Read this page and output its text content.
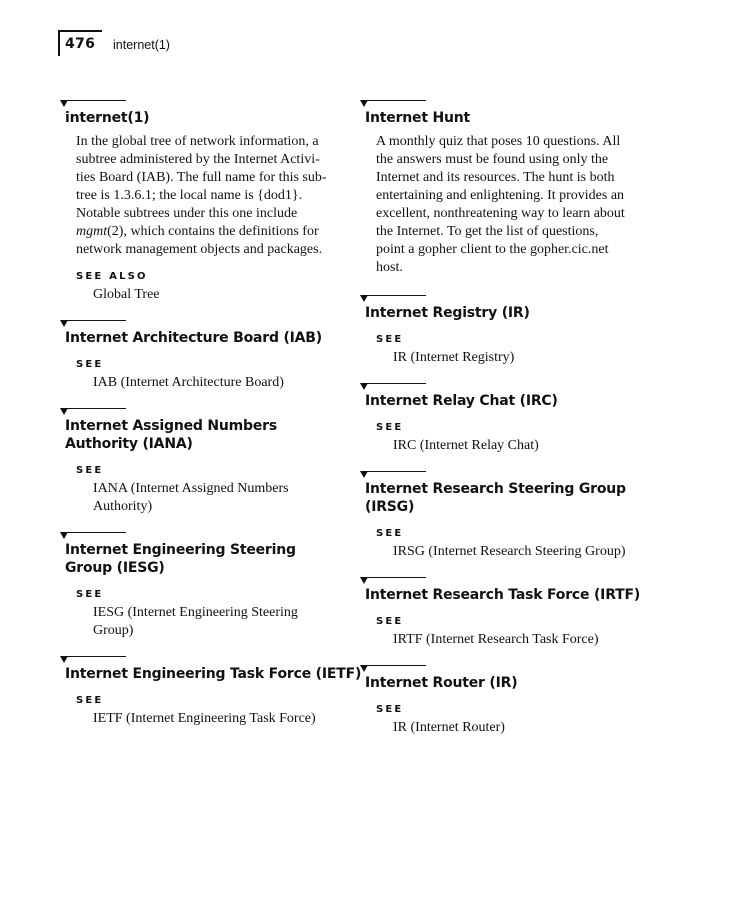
476 internet(1)
internet(1)
In the global tree of network information, a
subtree administered by the Internet Activi-
ties Board (IAB). The full name for this sub-
tree is 1.3.6.1; the local name is {dod1}.
Notable subtrees under this one include
mgmt(2), which contains the definitions for
network management objects and packages.
SEE ALSO
Global Tree
Internet Architecture Board (IAB)
SEE
IAB (Internet Architecture Board)
Internet Assigned Numbers Authority (IANA)
SEE
IANA (Internet Assigned Numbers
Authority)
Internet Engineering Steering Group (IESG)
SEE
IESG (Internet Engineering Steering
Group)
Internet Engineering Task Force (IETF)
SEE
IETF (Internet Engineering Task Force)
Internet Hunt
A monthly quiz that poses 10 questions. All
the answers must be found using only the
Internet and its resources. The hunt is both
entertaining and enlightening. It provides an
excellent, nonthreatening way to learn about
the Internet. To get the list of questions,
point a gopher client to the gopher.cic.net
host.
Internet Registry (IR)
SEE
IR (Internet Registry)
Internet Relay Chat (IRC)
SEE
IRC (Internet Relay Chat)
Internet Research Steering Group (IRSG)
SEE
IRSG (Internet Research Steering Group)
Internet Research Task Force (IRTF)
SEE
IRTF (Internet Research Task Force)
Internet Router (IR)
SEE
IR (Internet Router)
